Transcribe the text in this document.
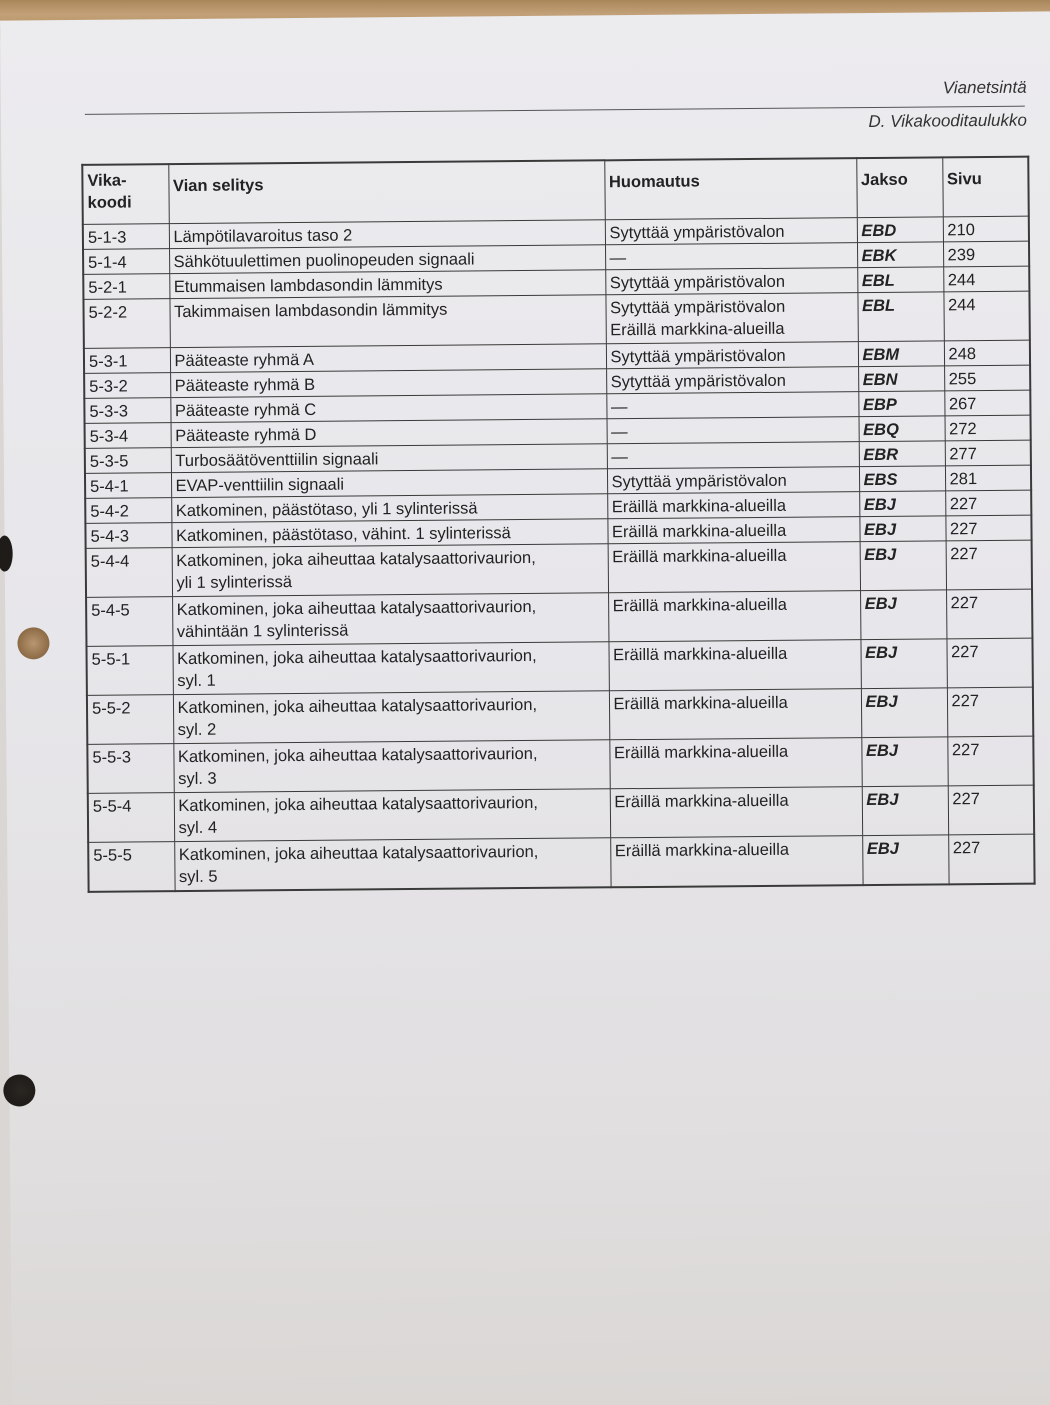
Vianetsintä
D. Vikakooditaulukko
Vika-
koodi	Vian selitys	Huomautus	Jakso	Sivu
5-1-3	Lämpötilavaroitus taso 2	Sytyttää ympäristövalon	EBD	210
5-1-4	Sähkötuulettimen puolinopeuden signaali	—	EBK	239
5-2-1	Etummaisen lambdasondin lämmitys	Sytyttää ympäristövalon	EBL	244
5-2-2	Takimmaisen lambdasondin lämmitys	Sytyttää ympäristövalon
Eräillä markkina-alueilla	EBL	244
5-3-1	Pääteaste ryhmä A	Sytyttää ympäristövalon	EBM	248
5-3-2	Pääteaste ryhmä B	Sytyttää ympäristövalon	EBN	255
5-3-3	Pääteaste ryhmä C	—	EBP	267
5-3-4	Pääteaste ryhmä D	—	EBQ	272
5-3-5	Turbosäätöventtiilin signaali	—	EBR	277
5-4-1	EVAP-venttiilin signaali	Sytyttää ympäristövalon	EBS	281
5-4-2	Katkominen, päästötaso, yli 1 sylinterissä	Eräillä markkina-alueilla	EBJ	227
5-4-3	Katkominen, päästötaso, vähint. 1 sylinterissä	Eräillä markkina-alueilla	EBJ	227
5-4-4	Katkominen, joka aiheuttaa katalysaattorivaurion,
yli 1 sylinterissä	Eräillä markkina-alueilla	EBJ	227
5-4-5	Katkominen, joka aiheuttaa katalysaattorivaurion,
vähintään 1 sylinterissä	Eräillä markkina-alueilla	EBJ	227
5-5-1	Katkominen, joka aiheuttaa katalysaattorivaurion,
syl. 1	Eräillä markkina-alueilla	EBJ	227
5-5-2	Katkominen, joka aiheuttaa katalysaattorivaurion,
syl. 2	Eräillä markkina-alueilla	EBJ	227
5-5-3	Katkominen, joka aiheuttaa katalysaattorivaurion,
syl. 3	Eräillä markkina-alueilla	EBJ	227
5-5-4	Katkominen, joka aiheuttaa katalysaattorivaurion,
syl. 4	Eräillä markkina-alueilla	EBJ	227
5-5-5	Katkominen, joka aiheuttaa katalysaattorivaurion,
syl. 5	Eräillä markkina-alueilla	EBJ	227
